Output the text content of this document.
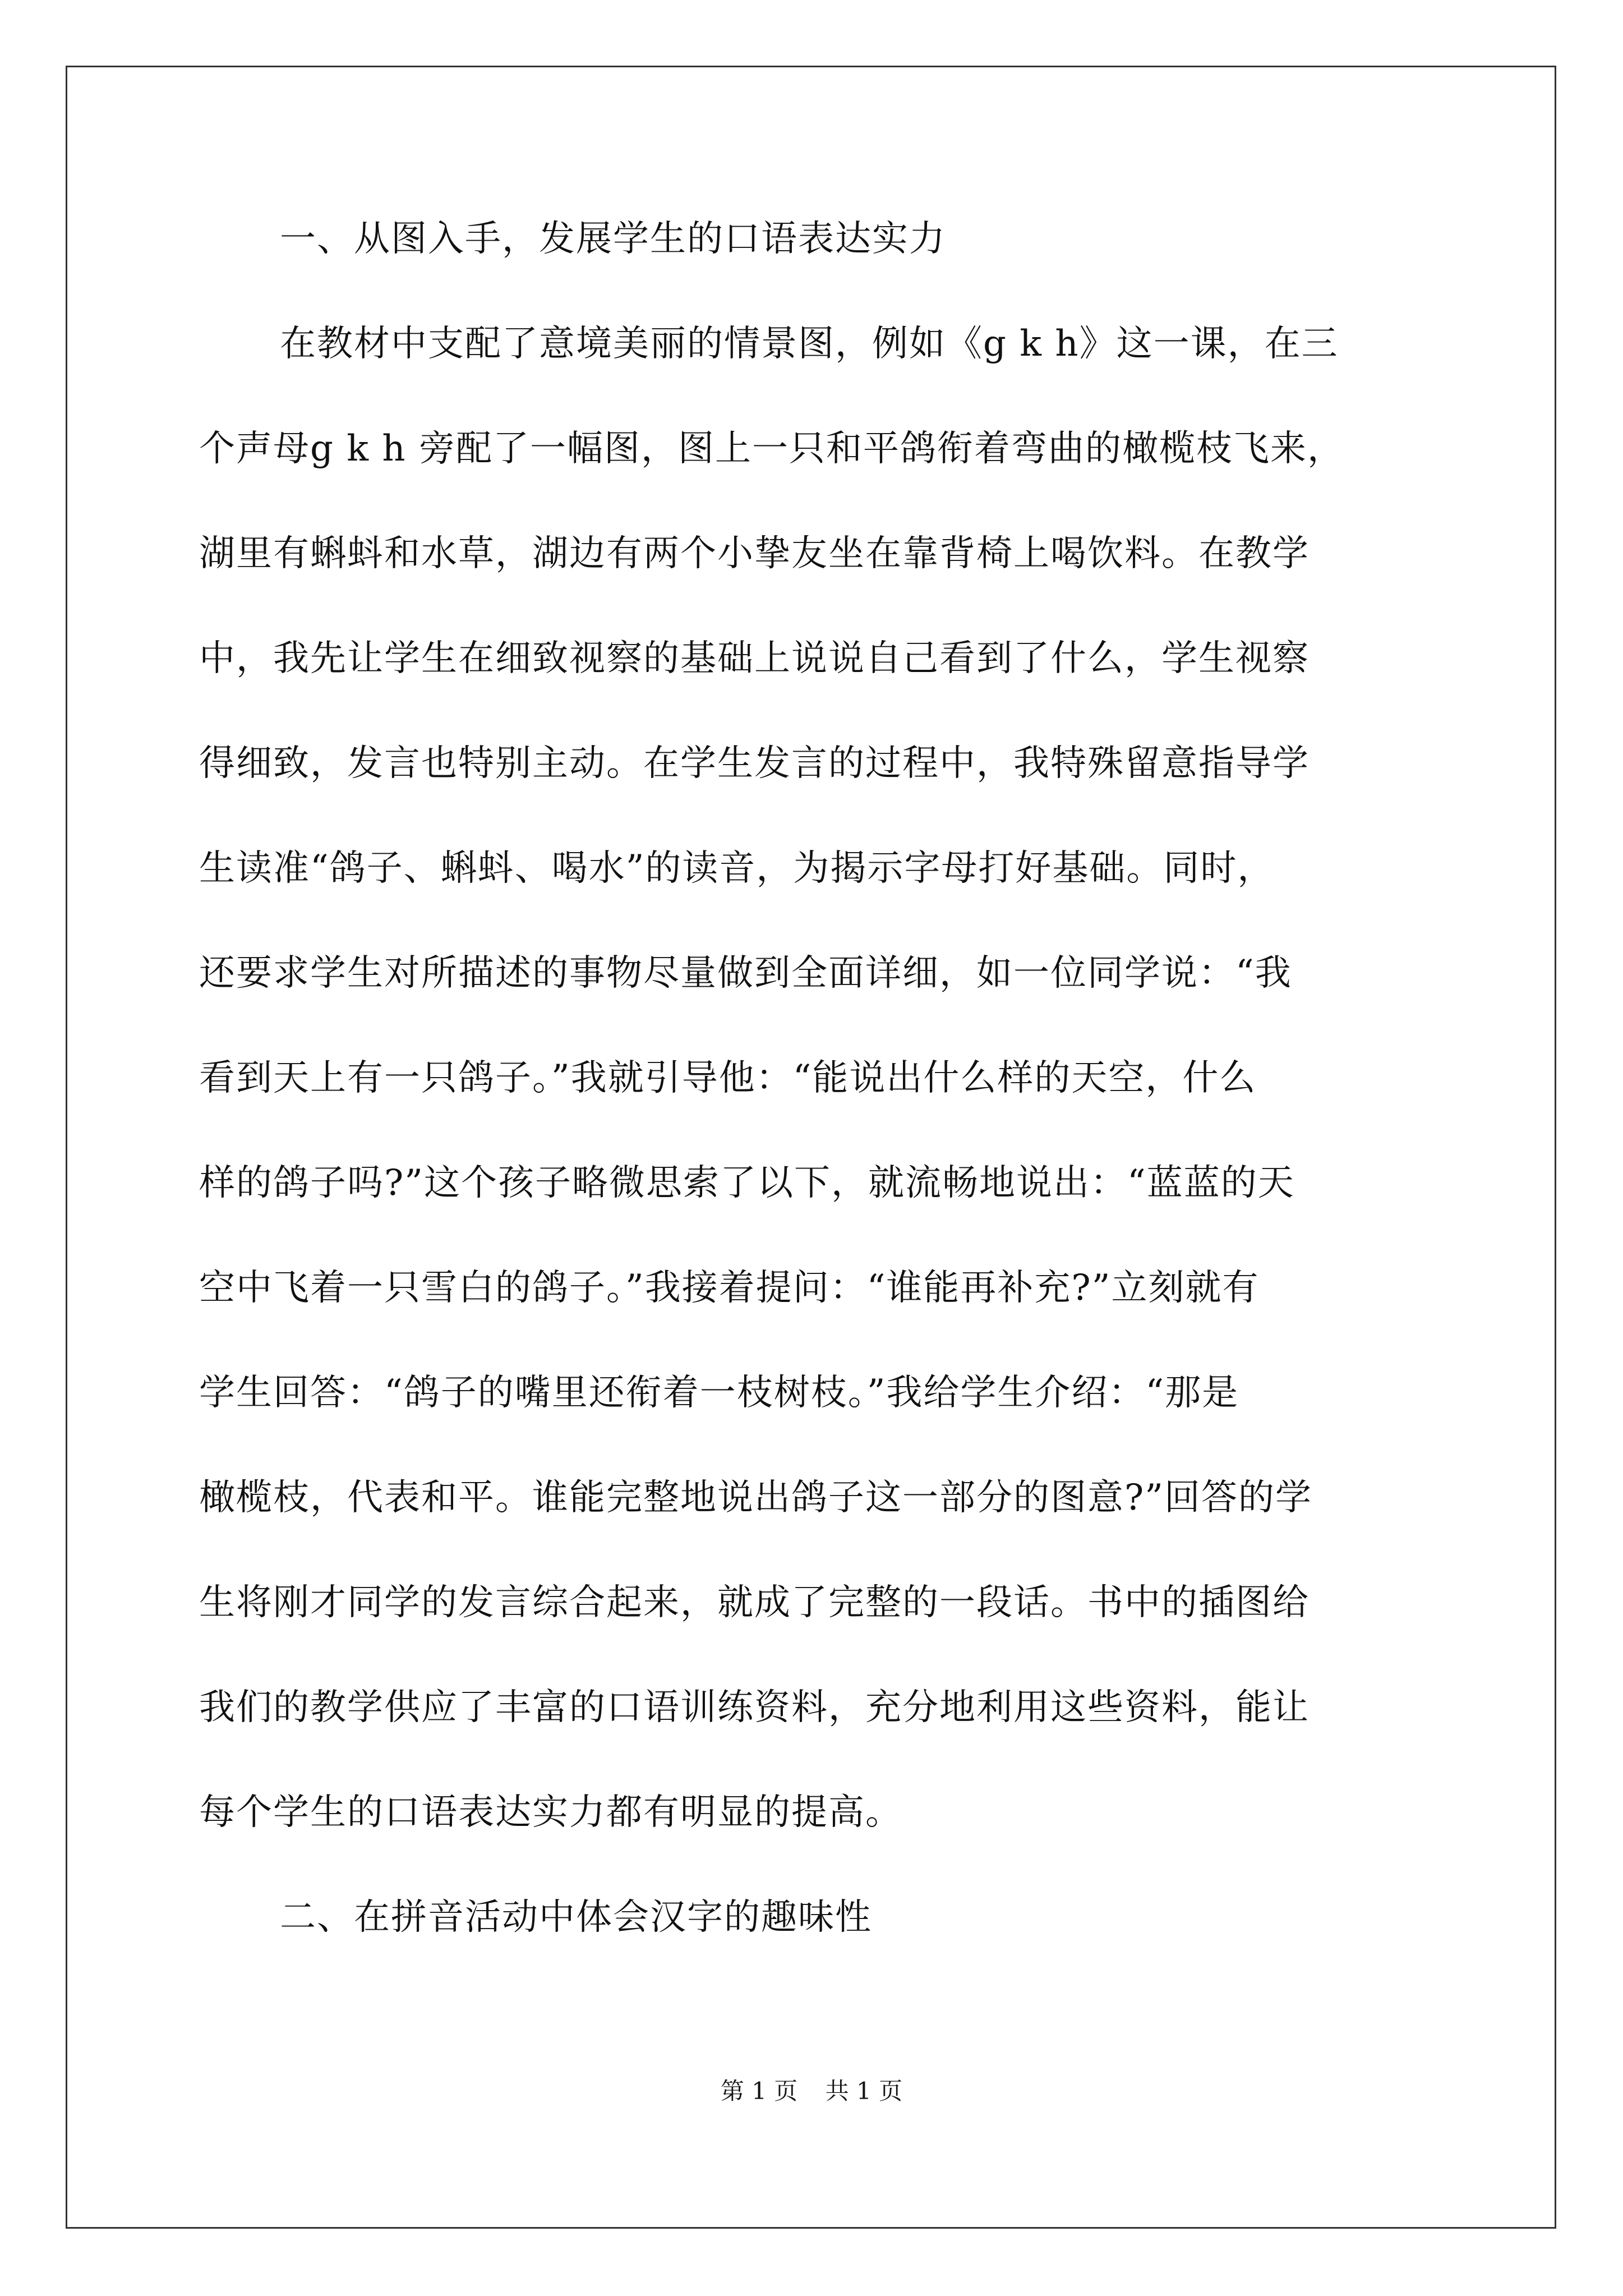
一、从图入手，发展学生的口语表达实力
在教材中支配了意境美丽的情景图，例如《g k h》这一课，在三
个声母g k h 旁配了一幅图，图上一只和平鸽衔着弯曲的橄榄枝飞来，
湖里有蝌蚪和水草，湖边有两个小挚友坐在靠背椅上喝饮料。在教学
中，我先让学生在细致视察的基础上说说自己看到了什么，学生视察
得细致，发言也特别主动。在学生发言的过程中，我特殊留意指导学
生读准“鸽子、蝌蚪、喝水”的读音，为揭示字母打好基础。同时，
还要求学生对所描述的事物尽量做到全面详细，如一位同学说：“我
看到天上有一只鸽子。”我就引导他：“能说出什么样的天空，什么
样的鸽子吗?”这个孩子略微思索了以下，就流畅地说出：“蓝蓝的天
空中飞着一只雪白的鸽子。”我接着提问：“谁能再补充?”立刻就有
学生回答：“鸽子的嘴里还衔着一枝树枝。”我给学生介绍：“那是
橄榄枝，代表和平。谁能完整地说出鸽子这一部分的图意?”回答的学
生将刚才同学的发言综合起来，就成了完整的一段话。书中的插图给
我们的教学供应了丰富的口语训练资料，充分地利用这些资料，能让
每个学生的口语表达实力都有明显的提高。
二、在拼音活动中体会汉字的趣味性
第 1 页 共 1 页
